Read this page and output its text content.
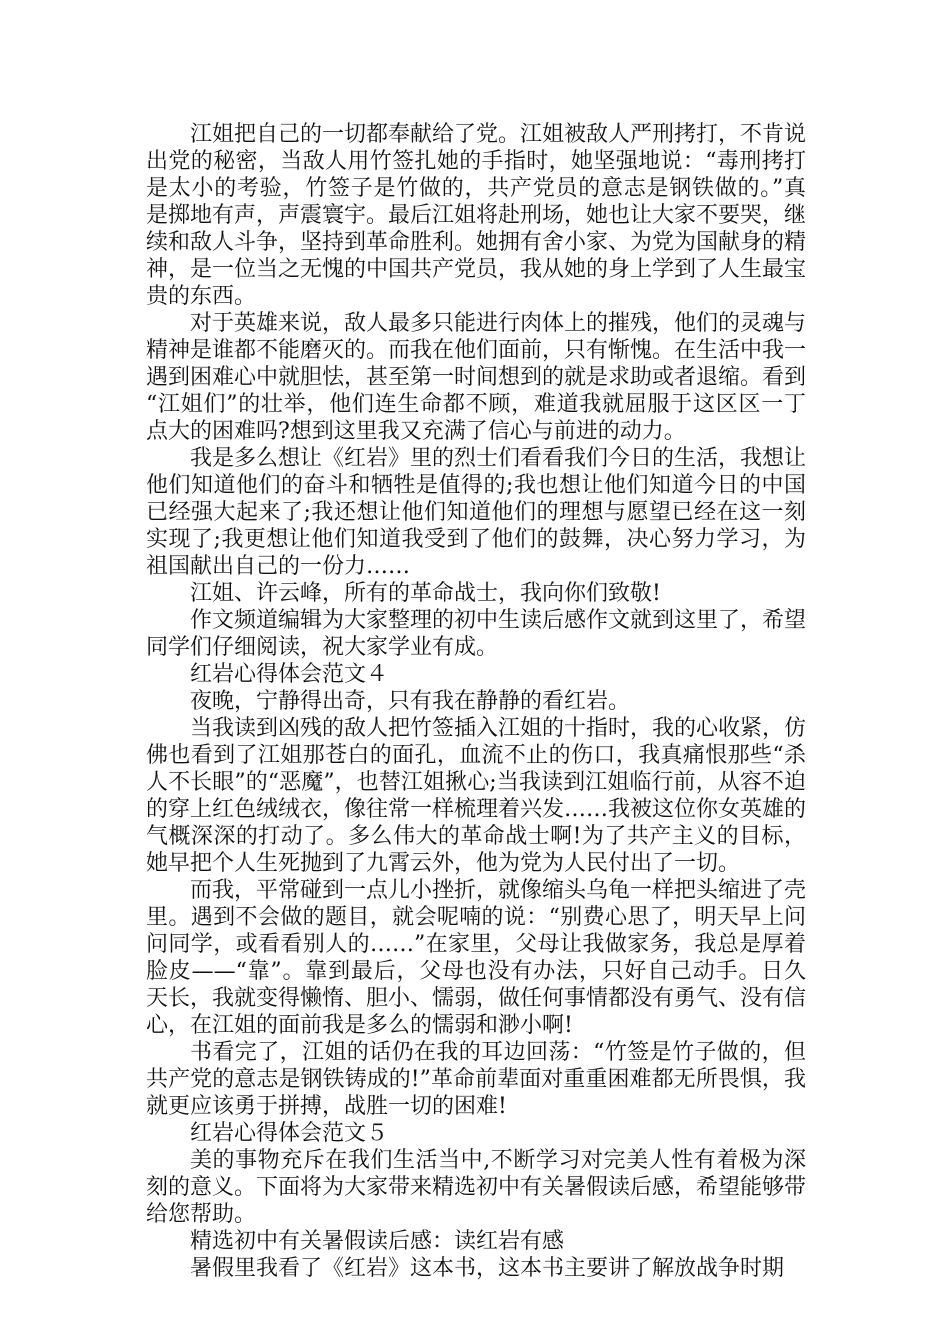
江姐把自己的一切都奉献给了党。江姐被敌人严刑拷打，不肯说出党的秘密，当敌人用竹签扎她的手指时，她坚强地说：“毒刑拷打是太小的考验，竹签子是竹做的，共产党员的意志是钢铁做的。”真是掷地有声，声震寰宇。最后江姐将赴刑场，她也让大家不要哭，继续和敌人斗争，坚持到革命胜利。她拥有舍小家、为党为国献身的精神，是一位当之无愧的中国共产党员，我从她的身上学到了人生最宝贵的东西。

对于英雄来说，敌人最多只能进行肉体上的摧残，他们的灵魂与精神是谁都不能磨灭的。而我在他们面前，只有惭愧。在生活中我一遇到困难心中就胆怯，甚至第一时间想到的就是求助或者退缩。看到“江姐们”的壮举，他们连生命都不顾，难道我就屈服于这区区一丁点大的困难吗?想到这里我又充满了信心与前进的动力。

我是多么想让《红岩》里的烈士们看看我们今日的生活，我想让他们知道他们的奋斗和牺牲是值得的;我也想让他们知道今日的中国已经强大起来了;我还想让他们知道他们的理想与愿望已经在这一刻实现了;我更想让他们知道我受到了他们的鼓舞，决心努力学习，为祖国献出自己的一份力……

江姐、许云峰，所有的革命战士，我向你们致敬!

作文频道编辑为大家整理的初中生读后感作文就到这里了，希望同学们仔细阅读，祝大家学业有成。

红岩心得体会范文４

夜晚，宁静得出奇，只有我在静静的看红岩。

当我读到凶残的敌人把竹签插入江姐的十指时，我的心收紧，仿佛也看到了江姐那苍白的面孔，血流不止的伤口，我真痛恨那些“杀人不长眼”的“恶魔”，也替江姐揪心;当我读到江姐临行前，从容不迫的穿上红色绒绒衣，像往常一样梳理着兴发……我被这位你女英雄的气概深深的打动了。多么伟大的革命战士啊!为了共产主义的目标，她早把个人生死抛到了九霄云外，他为党为人民付出了一切。

而我，平常碰到一点儿小挫折，就像缩头乌龟一样把头缩进了壳里。遇到不会做的题目，就会呢喃的说：“别费心思了，明天早上问问同学，或看看别人的……”在家里，父母让我做家务，我总是厚着脸皮——“靠”。靠到最后，父母也没有办法，只好自己动手。日久天长，我就变得懒惰、胆小、懦弱，做任何事情都没有勇气、没有信心，在江姐的面前我是多么的懦弱和渺小啊!

书看完了，江姐的话仍在我的耳边回荡：“竹签是竹子做的，但共产党的意志是钢铁铸成的!”革命前辈面对重重困难都无所畏惧，我就更应该勇于拼搏，战胜一切的困难!

红岩心得体会范文５

美的事物充斥在我们生活当中,不断学习对完美人性有着极为深刻的意义。下面将为大家带来精选初中有关暑假读后感，希望能够带给您帮助。

精选初中有关暑假读后感：读红岩有感

暑假里我看了《红岩》这本书，这本书主要讲了解放战争时期
